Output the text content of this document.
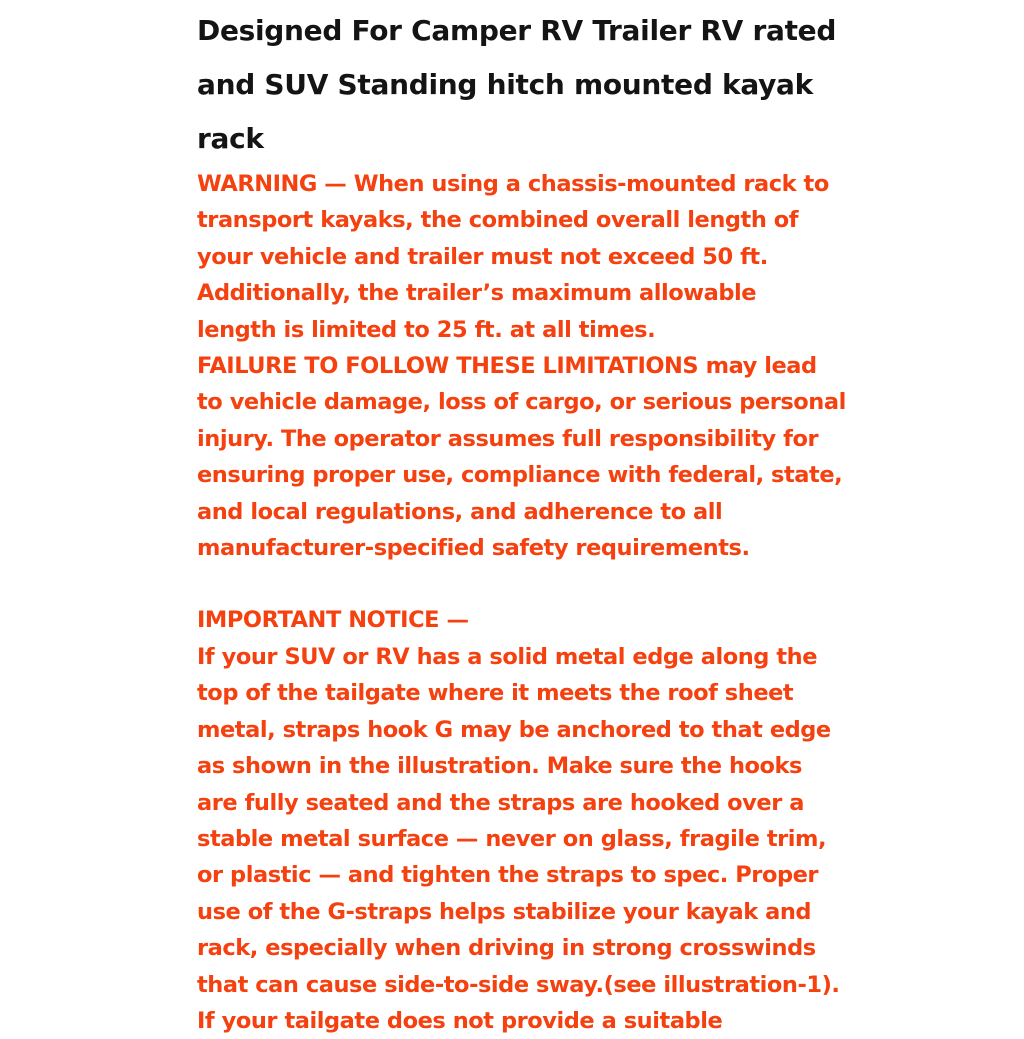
Designed For Camper RV Trailer RV rated
and SUV Standing hitch mounted kayak
rack

WARNING — When using a chassis-mounted rack to
transport kayaks, the combined overall length of
your vehicle and trailer must not exceed 50 ft.
Additionally, the trailer’s maximum allowable
length is limited to 25 ft. at all times.
FAILURE TO FOLLOW THESE LIMITATIONS may lead
to vehicle damage, loss of cargo, or serious personal
injury. The operator assumes full responsibility for
ensuring proper use, compliance with federal, state,
and local regulations, and adherence to all
manufacturer-specified safety requirements.

IMPORTANT NOTICE —
If your SUV or RV has a solid metal edge along the
top of the tailgate where it meets the roof sheet
metal, straps hook G may be anchored to that edge
as shown in the illustration. Make sure the hooks
are fully seated and the straps are hooked over a
stable metal surface — never on glass, fragile trim,
or plastic — and tighten the straps to spec. Proper
use of the G-straps helps stabilize your kayak and
rack, especially when driving in strong crosswinds
that can cause side-to-side sway.(see illustration-1).
If your tailgate does not provide a suitable
